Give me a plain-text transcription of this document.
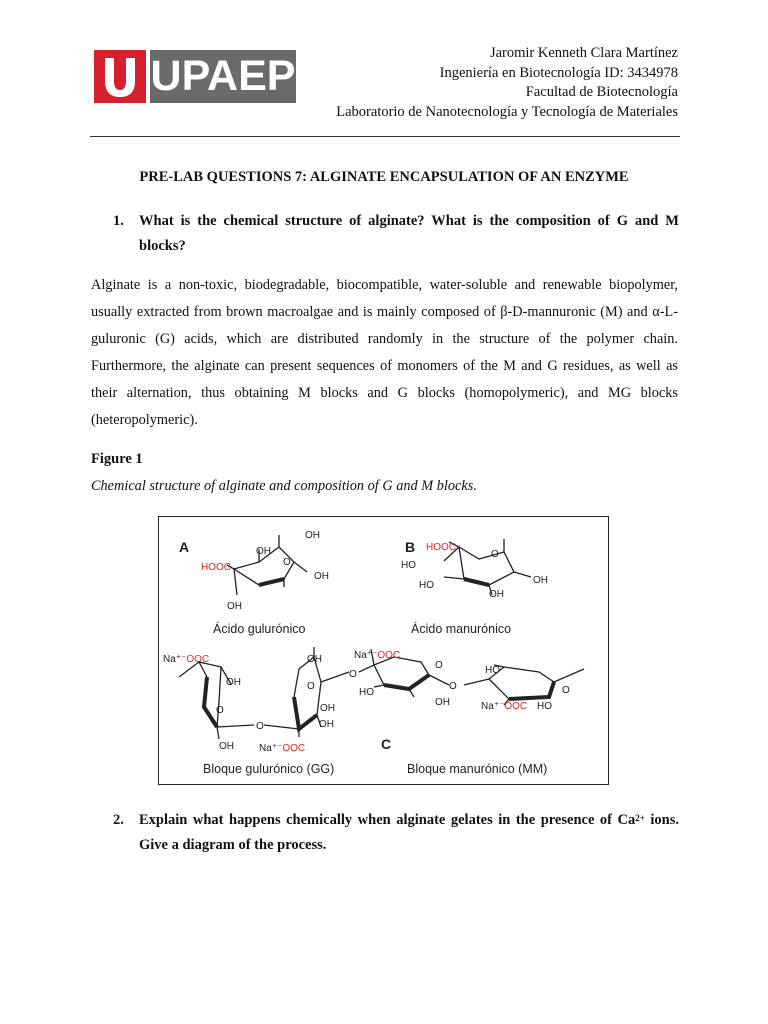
UPAEP	Jaromir Kenneth Clara Martínez
Ingeniería en Biotecnología ID: 3434978
Facultad de Biotecnología
Laboratorio de Nanotecnología y Tecnología de Materiales
PRE-LAB QUESTIONS 7: ALGINATE ENCAPSULATION OF AN ENZYME
1.	What is the chemical structure of alginate? What is the composition of G and M blocks?
Alginate is a non-toxic, biodegradable, biocompatible, water-soluble and renewable biopolymer, usually extracted from brown macroalgae and is mainly composed of β-D-mannuronic (M) and α-L-guluronic (G) acids, which are distributed randomly in the structure of the polymer chain. Furthermore, the alginate can present sequences of monomers of the M and G residues, as well as their alternation, thus obtaining M blocks and G blocks (homopolymeric), and MG blocks (heteropolymeric).
Figure 1
Chemical structure of alginate and composition of G and M blocks.
A
HOOC
OH
OH
O
OH
OH
Ácido gulurónico
B HOOC
HO
HO
O
OH
OH
Ácido manurónico
Na⁺⁻OOC
OH
O
OH
O
Na⁺⁻OOC
OH
O
OH
OH
O
Na⁺⁻OOC
O
HO
OH
O
HO
Na⁺⁻OOC HO
O
C
Bloque gulurónico (GG)	Bloque manurónico (MM)
2.	Explain what happens chemically when alginate gelates in the presence of $Ca^{2+}$ ions. Give a diagram of the process.
